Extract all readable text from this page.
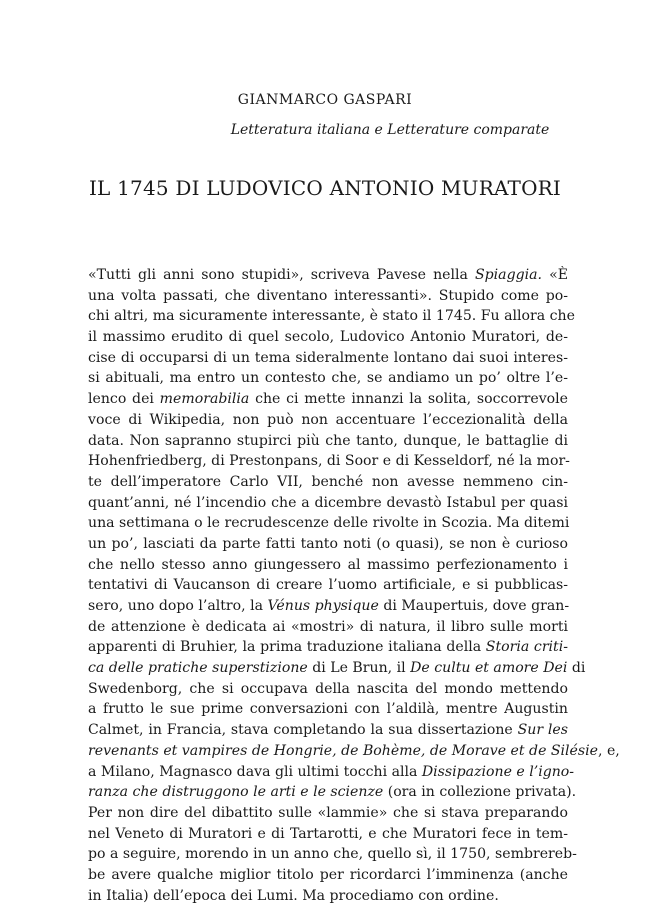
GIANMARCO GASPARI
Letteratura italiana e Letterature comparate
IL 1745 DI LUDOVICO ANTONIO MURATORI
«Tutti gli anni sono stupidi», scriveva Pavese nella Spiaggia. «È
una volta passati, che diventano interessanti». Stupido come po-
chi altri, ma sicuramente interessante, è stato il 1745. Fu allora che
il massimo erudito di quel secolo, Ludovico Antonio Muratori, de-
cise di occuparsi di un tema sideralmente lontano dai suoi interes-
si abituali, ma entro un contesto che, se andiamo un po’ oltre l’e-
lenco dei memorabilia che ci mette innanzi la solita, soccorrevole
voce di Wikipedia, non può non accentuare l’eccezionalità della
data. Non sapranno stupirci più che tanto, dunque, le battaglie di
Hohenfriedberg, di Prestonpans, di Soor e di Kesseldorf, né la mor-
te dell’imperatore Carlo VII, benché non avesse nemmeno cin-
quant’anni, né l’incendio che a dicembre devastò Istabul per quasi
una settimana o le recrudescenze delle rivolte in Scozia. Ma ditemi
un po’, lasciati da parte fatti tanto noti (o quasi), se non è curioso
che nello stesso anno giungessero al massimo perfezionamento i
tentativi di Vaucanson di creare l’uomo artificiale, e si pubblicas-
sero, uno dopo l’altro, la Vénus physique di Maupertuis, dove gran-
de attenzione è dedicata ai «mostri» di natura, il libro sulle morti
apparenti di Bruhier, la prima traduzione italiana della Storia criti-
ca delle pratiche superstizione di Le Brun, il De cultu et amore Dei di
Swedenborg, che si occupava della nascita del mondo mettendo
a frutto le sue prime conversazioni con l’aldilà, mentre Augustin
Calmet, in Francia, stava completando la sua dissertazione Sur les
revenants et vampires de Hongrie, de Bohème, de Morave et de Silésie, e,
a Milano, Magnasco dava gli ultimi tocchi alla Dissipazione e l’igno-
ranza che distruggono le arti e le scienze (ora in collezione privata).
Per non dire del dibattito sulle «lammie» che si stava preparando
nel Veneto di Muratori e di Tartarotti, e che Muratori fece in tem-
po a seguire, morendo in un anno che, quello sì, il 1750, sembrereb-
be avere qualche miglior titolo per ricordarci l’imminenza (anche
in Italia) dell’epoca dei Lumi. Ma procediamo con ordine.
